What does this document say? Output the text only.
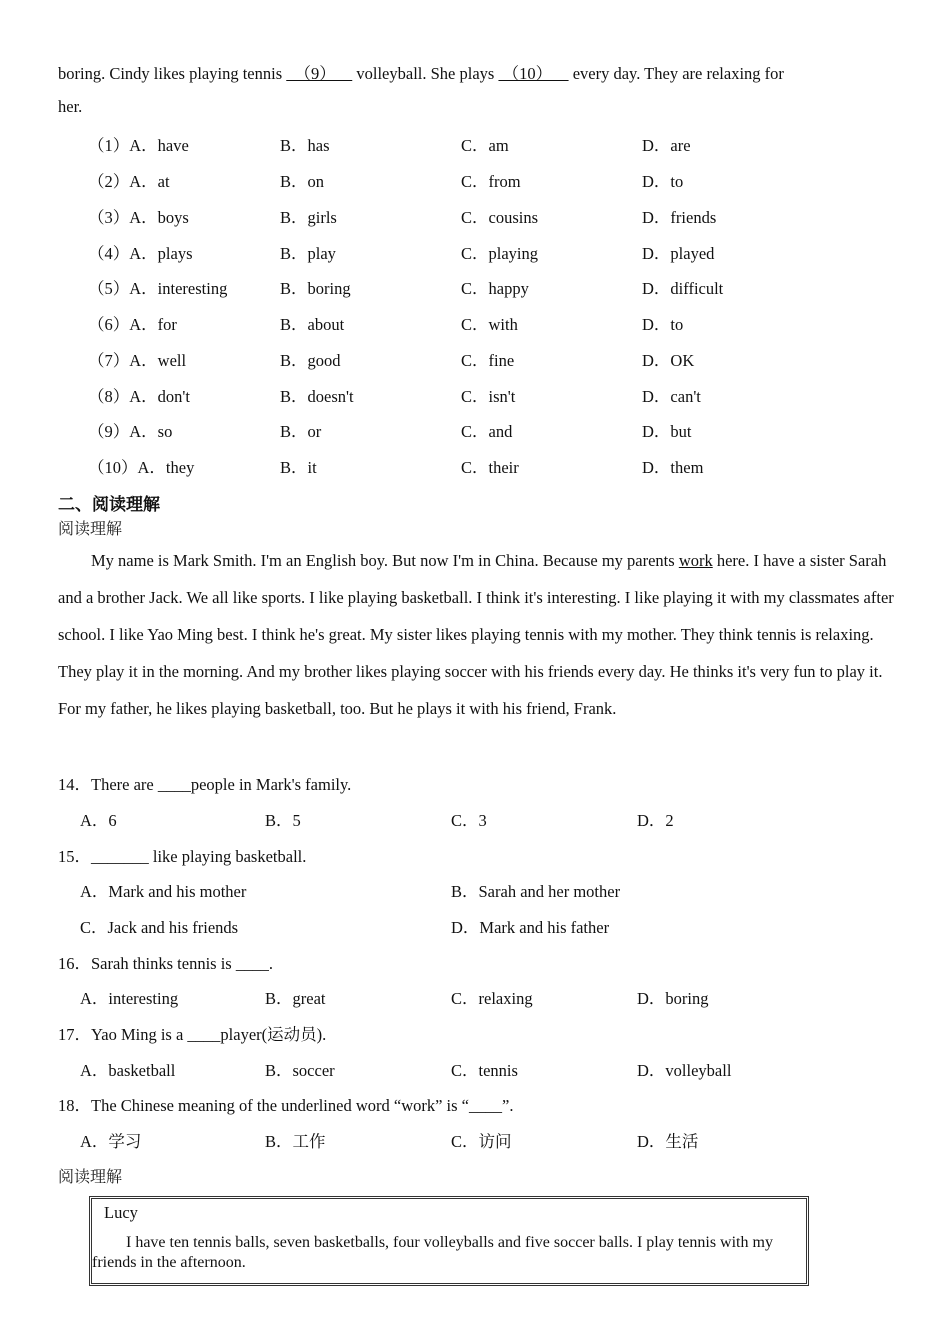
boring. Cindy likes playing tennis   （9）     volleyball. She plays  （10）     every day. They are relaxing for
her.
（1）A．have	B．has	C．am	D．are
（2）A．at	B．on	C．from	D．to
（3）A．boys	B．girls	C．cousins	D．friends
（4）A．plays	B．play	C．playing	D．played
（5）A．interesting	B．boring	C．happy	D．difficult
（6）A．for	B．about	C．with	D．to
（7）A．well	B．good	C．fine	D．OK
（8）A．don't	B．doesn't	C．isn't	D．can't
（9）A．so	B．or	C．and	D．but
（10）A．they	B．it	C．their	D．them
二、阅读理解
阅读理解
My name is Mark Smith. I'm an English boy. But now I'm in China. Because my parents work here. I have a sister Sarah and a brother Jack. We all like sports. I like playing basketball. I think it's interesting. I like playing it with my classmates after school. I like Yao Ming best. I think he's great. My sister likes playing tennis with my mother. They think tennis is relaxing. They play it in the morning. And my brother likes playing soccer with his friends every day. He thinks it's very fun to play it. For my father, he likes playing basketball, too. But he plays it with his friend, Frank.
14．There are ____people in Mark's family.
A．6	B．5	C．3	D．2
15．_______ like playing basketball.
A．Mark and his mother	B．Sarah and her mother
C．Jack and his friends	D．Mark and his father
16．Sarah thinks tennis is ____.
A．interesting	B．great	C．relaxing	D．boring
17．Yao Ming is a ____player(运动员).
A．basketball	B．soccer	C．tennis	D．volleyball
18．The Chinese meaning of the underlined word “work” is “____”.
A．学习	B．工作	C．访问	D．生活
阅读理解
Lucy
I have ten tennis balls, seven basketballs, four volleyballs and five soccer balls. I play tennis with my friends in the afternoon.
